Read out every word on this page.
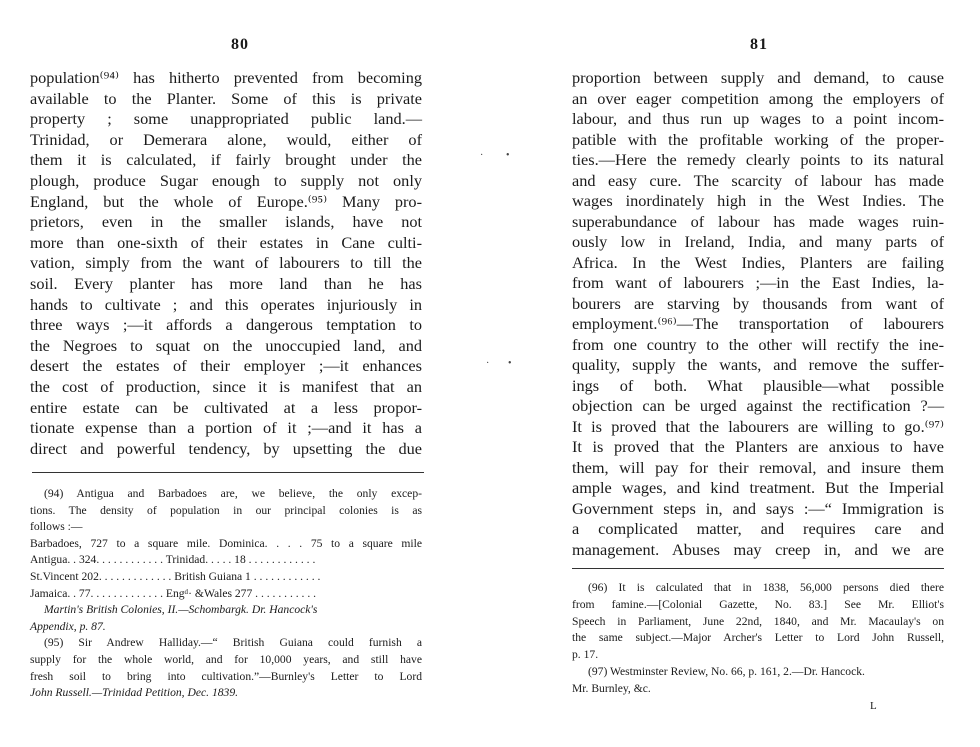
80
population⁽⁹⁴⁾ has hitherto prevented from becoming
available to the Planter. Some of this is private
property ; some unappropriated public land.—
Trinidad, or Demerara alone, would, either of
them it is calculated, if fairly brought under the
plough, produce Sugar enough to supply not only
England, but the whole of Europe.⁽⁹⁵⁾ Many pro-
prietors, even in the smaller islands, have not
more than one-sixth of their estates in Cane culti-
vation, simply from the want of labourers to till the
soil. Every planter has more land than he has
hands to cultivate ; and this operates injuriously in
three ways ;—it affords a dangerous temptation to
the Negroes to squat on the unoccupied land, and
desert the estates of their employer ;—it enhances
the cost of production, since it is manifest that an
entire estate can be cultivated at a less propor-
tionate expense than a portion of it ;—and it has a
direct and powerful tendency, by upsetting the due
(94) Antigua and Barbadoes are, we believe, the only excep-
tions. The density of population in our principal colonies is as
follows :—
Barbadoes, 727 to a square mile. Dominica. . . . 75 to a square mile
Antigua. . 324. . . . . . . . . . . . Trinidad. . . . . 18 . . . . . . . . . . . .
St.Vincent 202. . . . . . . . . . . . . British Guiana 1 . . . . . . . . . . . .
Jamaica. . 77. . . . . . . . . . . . . Engᵈ· &Wales 277 . . . . . . . . . . .
Martin's British Colonies, II.—Schombargk. Dr. Hancock's
Appendix, p. 87.
(95) Sir Andrew Halliday.—“ British Guiana could furnish a
supply for the whole world, and for 10,000 years, and still have
fresh soil to bring into cultivation.”—Burnley's Letter to Lord
John Russell.—Trinidad Petition, Dec. 1839.
· •
· •
81
proportion between supply and demand, to cause
an over eager competition among the employers of
labour, and thus run up wages to a point incom-
patible with the profitable working of the proper-
ties.—Here the remedy clearly points to its natural
and easy cure. The scarcity of labour has made
wages inordinately high in the West Indies. The
superabundance of labour has made wages ruin-
ously low in Ireland, India, and many parts of
Africa. In the West Indies, Planters are failing
from want of labourers ;—in the East Indies, la-
bourers are starving by thousands from want of
employment.⁽⁹⁶⁾—The transportation of labourers
from one country to the other will rectify the ine-
quality, supply the wants, and remove the suffer-
ings of both. What plausible—what possible
objection can be urged against the rectification ?—
It is proved that the labourers are willing to go.⁽⁹⁷⁾
It is proved that the Planters are anxious to have
them, will pay for their removal, and insure them
ample wages, and kind treatment. But the Imperial
Government steps in, and says :—“ Immigration is
a complicated matter, and requires care and
management. Abuses may creep in, and we are
(96) It is calculated that in 1838, 56,000 persons died there
from famine.—[Colonial Gazette, No. 83.] See Mr. Elliot's
Speech in Parliament, June 22nd, 1840, and Mr. Macaulay's on
the same subject.—Major Archer's Letter to Lord John Russell,
p. 17.
(97) Westminster Review, No. 66, p. 161, 2.—Dr. Hancock.
Mr. Burnley, &c.
L
